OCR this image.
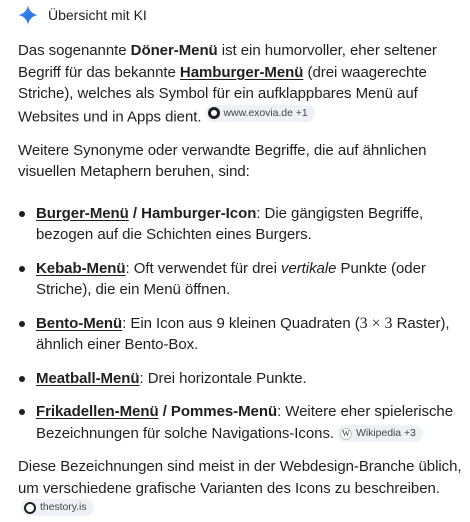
Übersicht mit KI

Das sogenannte Döner-Menü ist ein humorvoller, eher seltener Begriff für das bekannte Hamburger-Menü (drei waagerechte Striche), welches als Symbol für ein aufklappbares Menü auf Websites und in Apps dient. www.exovia.de +1

Weitere Synonyme oder verwandte Begriffe, die auf ähnlichen visuellen Metaphern beruhen, sind:

Burger-Menü / Hamburger-Icon: Die gängigsten Begriffe, bezogen auf die Schichten eines Burgers.

Kebab-Menü: Oft verwendet für drei vertikale Punkte (oder Striche), die ein Menü öffnen.

Bento-Menü: Ein Icon aus 9 kleinen Quadraten (3 × 3 Raster), ähnlich einer Bento-Box.

Meatball-Menü: Drei horizontale Punkte.

Frikadellen-Menü / Pommes-Menü: Weitere eher spielerische Bezeichnungen für solche Navigations-Icons. W Wikipedia +3

Diese Bezeichnungen sind meist in der Webdesign-Branche üblich, um verschiedene grafische Varianten des Icons zu beschreiben.
thestory.is
